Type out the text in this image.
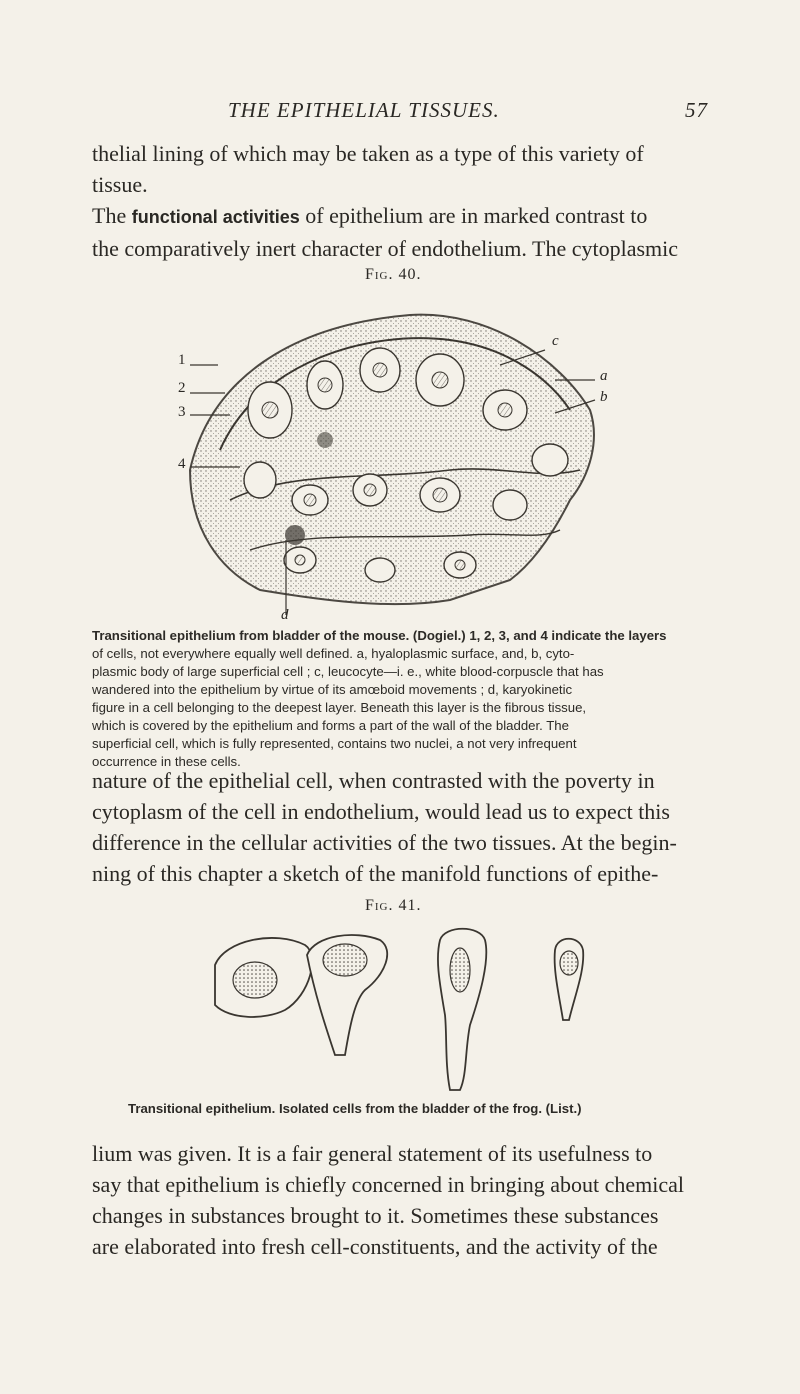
THE EPITHELIAL TISSUES.	57
thelial lining of which may be taken as a type of this variety of
tissue.
The functional activities of epithelium are in marked contrast to
the comparatively inert character of endothelium. The cytoplasmic
Fig. 40.
1
2
3
4
a
b
c
d
Transitional epithelium from bladder of the mouse. (Dogiel.) 1, 2, 3, and 4 indicate the layers
of cells, not everywhere equally well defined. a, hyaloplasmic surface, and, b, cyto-
plasmic body of large superficial cell ; c, leucocyte—i. e., white blood-corpuscle that has
wandered into the epithelium by virtue of its amœboid movements ; d, karyokinetic
figure in a cell belonging to the deepest layer. Beneath this layer is the fibrous tissue,
which is covered by the epithelium and forms a part of the wall of the bladder. The
superficial cell, which is fully represented, contains two nuclei, a not very infrequent
occurrence in these cells.
nature of the epithelial cell, when contrasted with the poverty in
cytoplasm of the cell in endothelium, would lead us to expect this
difference in the cellular activities of the two tissues. At the begin-
ning of this chapter a sketch of the manifold functions of epithe-
Fig. 41.
Transitional epithelium. Isolated cells from the bladder of the frog. (List.)
lium was given. It is a fair general statement of its usefulness to
say that epithelium is chiefly concerned in bringing about chemical
changes in substances brought to it. Sometimes these substances
are elaborated into fresh cell-constituents, and the activity of the
